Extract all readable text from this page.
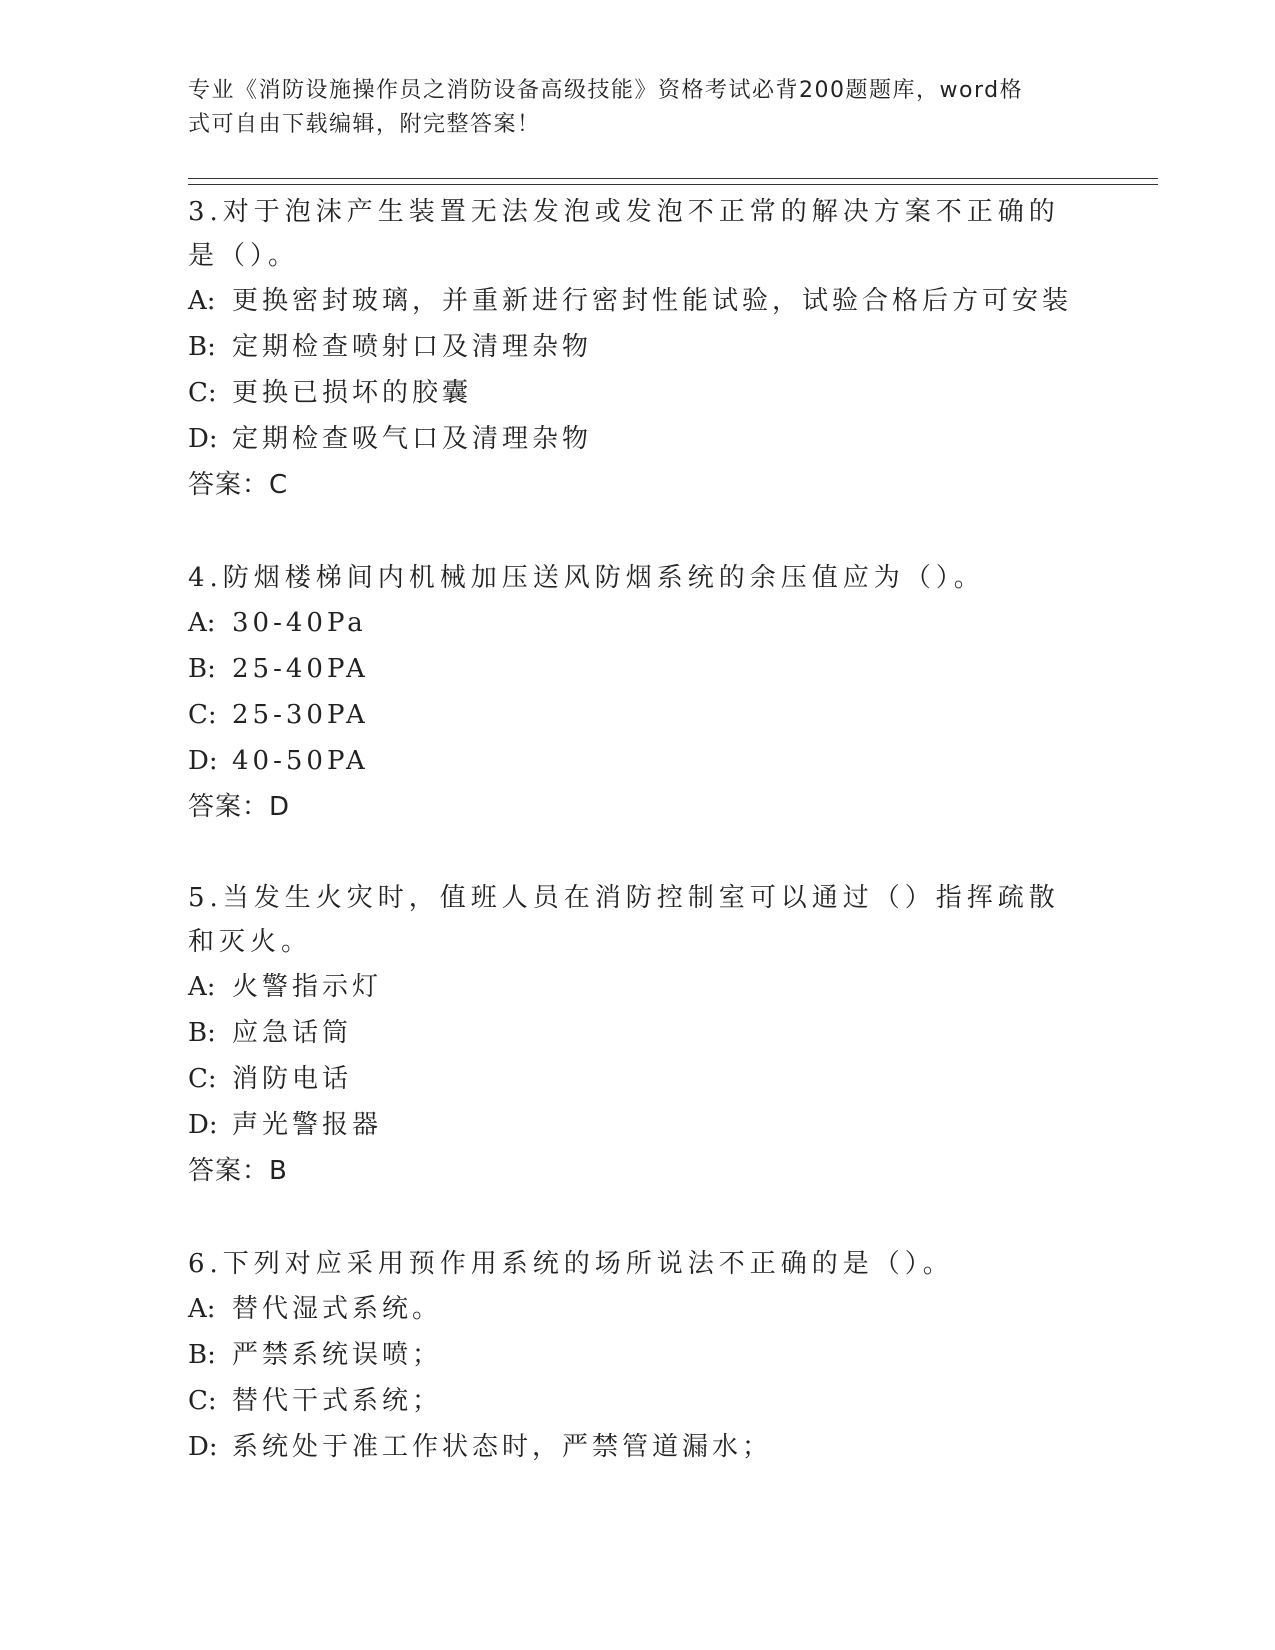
专业《消防设施操作员之消防设备高级技能》资格考试必背200题题库，word格
式可自由下载编辑，附完整答案！

3.对于泡沫产生装置无法发泡或发泡不正常的解决方案不正确的是（）。

A: 更换密封玻璃，并重新进行密封性能试验，试验合格后方可安装

B: 定期检查喷射口及清理杂物

C: 更换已损坏的胶囊

D: 定期检查吸气口及清理杂物

答案：C

4.防烟楼梯间内机械加压送风防烟系统的余压值应为（）。

A: 30-40Pa

B: 25-40PA

C: 25-30PA

D: 40-50PA

答案：D

5.当发生火灾时，值班人员在消防控制室可以通过（）指挥疏散和灭火。

A: 火警指示灯

B: 应急话筒

C: 消防电话

D: 声光警报器

答案：B

6.下列对应采用预作用系统的场所说法不正确的是（）。

A: 替代湿式系统。

B: 严禁系统误喷；

C: 替代干式系统；

D: 系统处于准工作状态时，严禁管道漏水；
